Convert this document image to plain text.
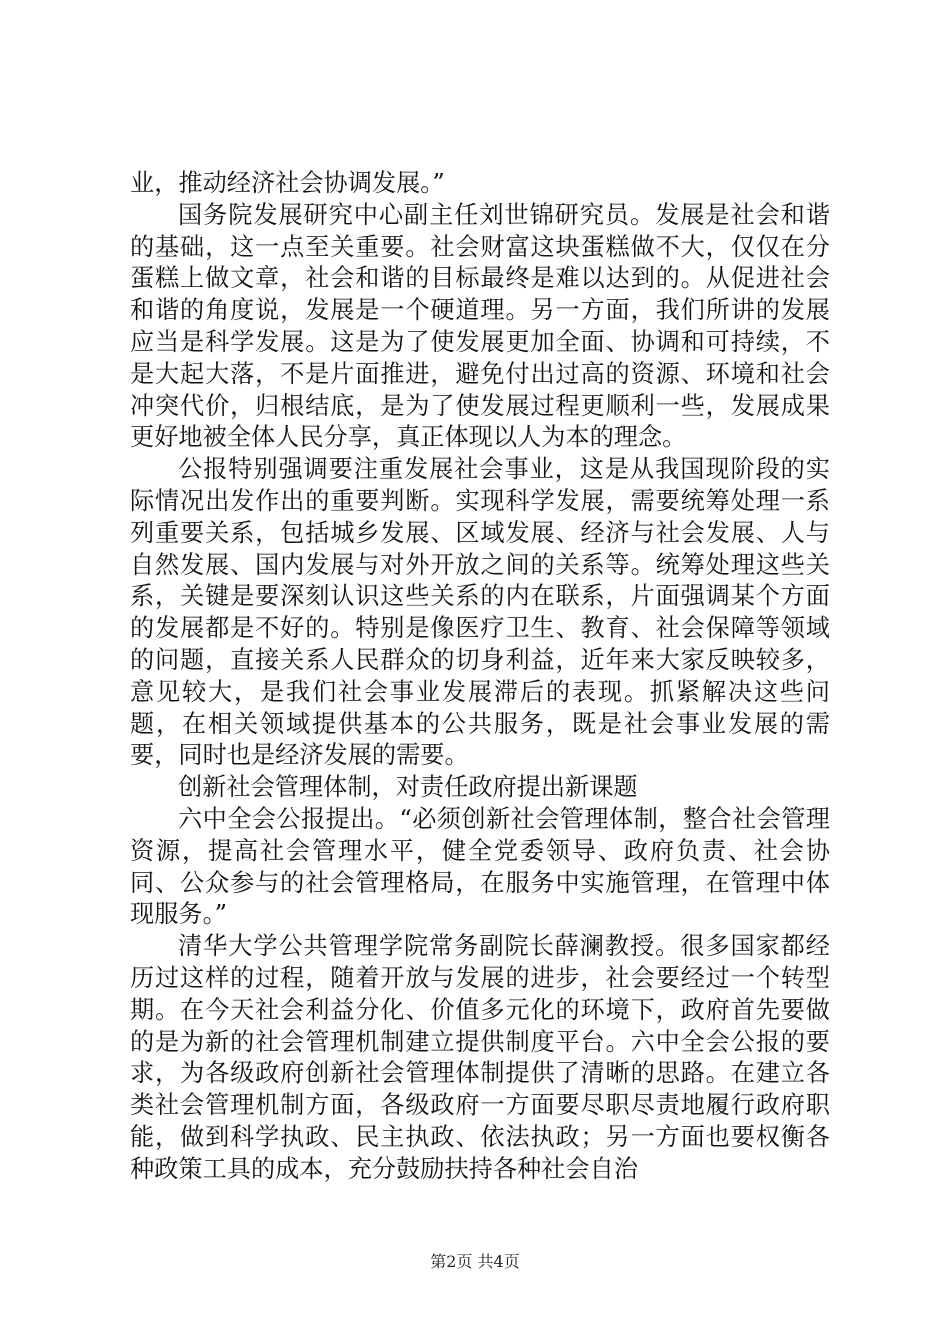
业，推动经济社会协调发展。”

国务院发展研究中心副主任刘世锦研究员。发展是社会和谐的基础，这一点至关重要。社会财富这块蛋糕做不大，仅仅在分蛋糕上做文章，社会和谐的目标最终是难以达到的。从促进社会和谐的角度说，发展是一个硬道理。另一方面，我们所讲的发展应当是科学发展。这是为了使发展更加全面、协调和可持续，不是大起大落，不是片面推进，避免付出过高的资源、环境和社会冲突代价，归根结底，是为了使发展过程更顺利一些，发展成果更好地被全体人民分享，真正体现以人为本的理念。

公报特别强调要注重发展社会事业，这是从我国现阶段的实际情况出发作出的重要判断。实现科学发展，需要统筹处理一系列重要关系，包括城乡发展、区域发展、经济与社会发展、人与自然发展、国内发展与对外开放之间的关系等。统筹处理这些关系，关键是要深刻认识这些关系的内在联系，片面强调某个方面的发展都是不好的。特别是像医疗卫生、教育、社会保障等领域的问题，直接关系人民群众的切身利益，近年来大家反映较多，意见较大，是我们社会事业发展滞后的表现。抓紧解决这些问题，在相关领域提供基本的公共服务，既是社会事业发展的需要，同时也是经济发展的需要。

创新社会管理体制，对责任政府提出新课题

六中全会公报提出。“必须创新社会管理体制，整合社会管理资源，提高社会管理水平，健全党委领导、政府负责、社会协同、公众参与的社会管理格局，在服务中实施管理，在管理中体现服务。”

清华大学公共管理学院常务副院长薛澜教授。很多国家都经历过这样的过程，随着开放与发展的进步，社会要经过一个转型期。在今天社会利益分化、价值多元化的环境下，政府首先要做的是为新的社会管理机制建立提供制度平台。六中全会公报的要求，为各级政府创新社会管理体制提供了清晰的思路。在建立各类社会管理机制方面，各级政府一方面要尽职尽责地履行政府职能，做到科学执政、民主执政、依法执政；另一方面也要权衡各种政策工具的成本，充分鼓励扶持各种社会自治

第2页 共4页
